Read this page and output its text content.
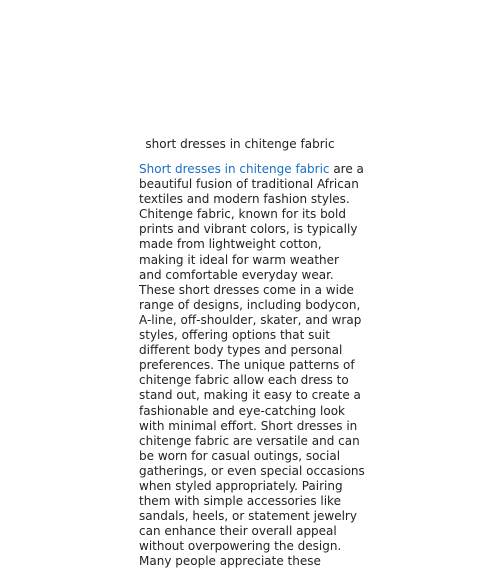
short dresses in chitenge fabric
Short dresses in chitenge fabric are a beautiful fusion of traditional African textiles and modern fashion styles. Chitenge fabric, known for its bold prints and vibrant colors, is typically made from lightweight cotton, making it ideal for warm weather and comfortable everyday wear. These short dresses come in a wide range of designs, including bodycon, A-line, off-shoulder, skater, and wrap styles, offering options that suit different body types and personal preferences. The unique patterns of chitenge fabric allow each dress to stand out, making it easy to create a fashionable and eye-catching look with minimal effort. Short dresses in chitenge fabric are versatile and can be worn for casual outings, social gatherings, or even special occasions when styled appropriately. Pairing them with simple accessories like sandals, heels, or statement jewelry can enhance their overall appeal without overpowering the design. Many people appreciate these
